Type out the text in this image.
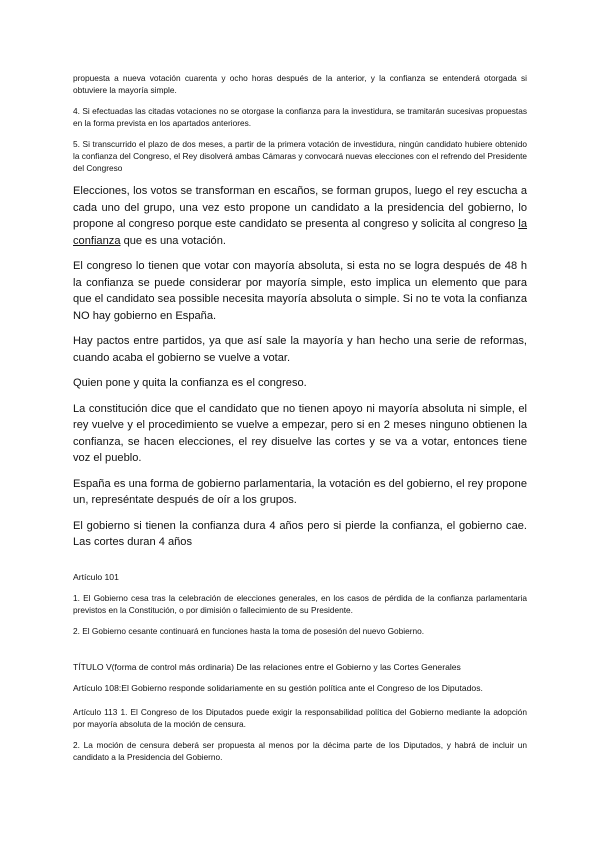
propuesta a nueva votación cuarenta y ocho horas después de la anterior, y la confianza se entenderá otorgada si obtuviere la mayoría simple.

4. Si efectuadas las citadas votaciones no se otorgase la confianza para la investidura, se tramitarán sucesivas propuestas en la forma prevista en los apartados anteriores.

5. Si transcurrido el plazo de dos meses, a partir de la primera votación de investidura, ningún candidato hubiere obtenido la confianza del Congreso, el Rey disolverá ambas Cámaras y convocará nuevas elecciones con el refrendo del Presidente del Congreso

Elecciones, los votos se transforman en escaños, se forman grupos, luego el rey escucha a cada uno del grupo, una vez esto propone un candidato a la presidencia del gobierno, lo propone al congreso porque este candidato se presenta al congreso y solicita al congreso la confianza que es una votación.

El congreso lo tienen que votar con mayoría absoluta, si esta no se logra después de 48 h la confianza se puede considerar por mayoría simple, esto implica un elemento que para que el candidato sea possible necesita mayoría absoluta o simple. Si no te vota la confianza NO hay gobierno en España.

Hay pactos entre partidos, ya que así sale la mayoría y han hecho una serie de reformas, cuando acaba el gobierno se vuelve a votar.

Quien pone y quita la confianza es el congreso.

La constitución dice que el candidato que no tienen apoyo ni mayoría absoluta ni simple, el rey vuelve y el procedimiento se vuelve a empezar, pero si en 2 meses ninguno obtienen la confianza, se hacen elecciones, el rey disuelve las cortes y se va a votar, entonces tiene voz el pueblo.

España es una forma de gobierno parlamentaria, la votación es del gobierno, el rey propone un, represéntate después de oír a los grupos.

El gobierno si tienen la confianza dura 4 años pero si pierde la confianza, el gobierno cae. Las cortes duran 4 años

Artículo 101

1. El Gobierno cesa tras la celebración de elecciones generales, en los casos de pérdida de la confianza parlamentaria previstos en la Constitución, o por dimisión o fallecimiento de su Presidente.

2. El Gobierno cesante continuará en funciones hasta la toma de posesión del nuevo Gobierno.

TÍTULO V(forma de control más ordinaria) De las relaciones entre el Gobierno y las Cortes Generales

Artículo 108:El Gobierno responde solidariamente en su gestión política ante el Congreso de los Diputados.

Artículo 113 1. El Congreso de los Diputados puede exigir la responsabilidad política del Gobierno mediante la adopción por mayoría absoluta de la moción de censura.

2. La moción de censura deberá ser propuesta al menos por la décima parte de los Diputados, y habrá de incluir un candidato a la Presidencia del Gobierno.
